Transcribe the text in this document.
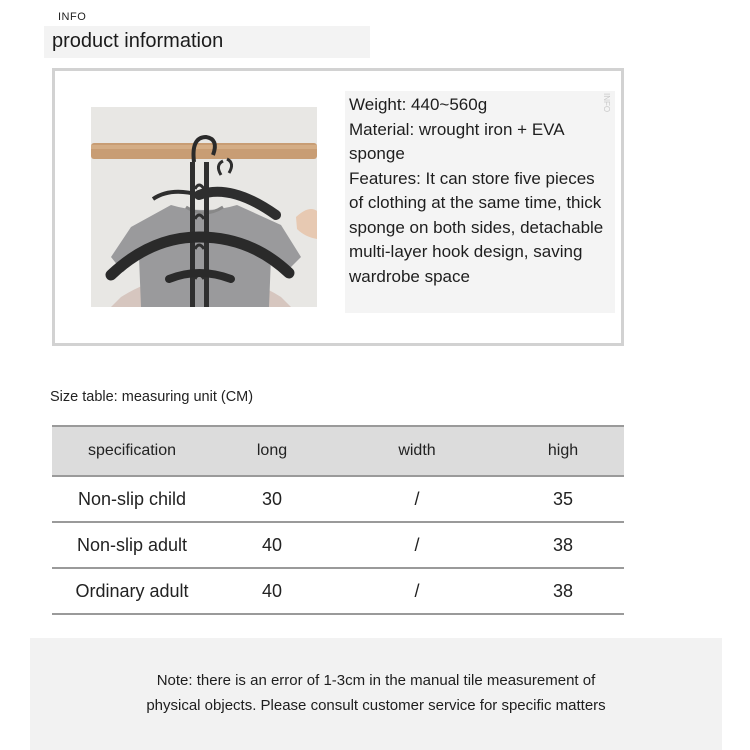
INFO
product information

Weight: 440~560g

Material: wrought iron + EVA sponge

Features: It can store five pieces of clothing at the same time, thick sponge on both sides, detachable multi-layer hook design, saving wardrobe space

INFO
Size table: measuring unit (CM)
specification	long	width	high
Non-slip child	30	/	35
Non-slip adult	40	/	38
Ordinary adult	40	/	38
Note: there is an error of 1-3cm in the manual tile measurement of
physical objects. Please consult customer service for specific matters
